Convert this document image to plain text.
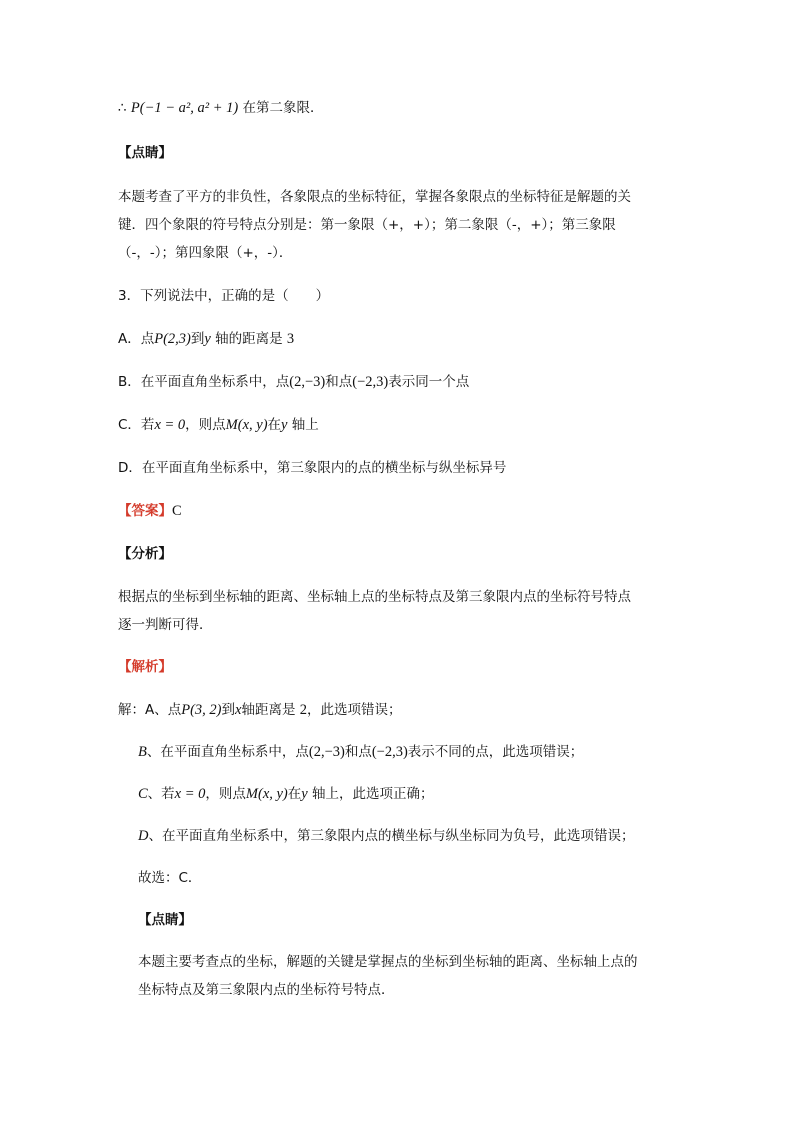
∴ P(−1 − a², a² + 1) 在第二象限．
【点睛】
本题考查了平方的非负性，各象限点的坐标特征，掌握各象限点的坐标特征是解题的关
键．四个象限的符号特点分别是：第一象限（+，+）；第二象限（-，+）；第三象限
（-，-）；第四象限（+，-）．
3．下列说法中，正确的是（　　）
A．点P(2,3)到y 轴的距离是 3
B．在平面直角坐标系中，点(2,−3)和点(−2,3)表示同一个点
C．若x = 0，则点M(x, y)在y 轴上
D．在平面直角坐标系中，第三象限内的点的横坐标与纵坐标异号
【答案】C
【分析】
根据点的坐标到坐标轴的距离、坐标轴上点的坐标特点及第三象限内点的坐标符号特点
逐一判断可得．
【解析】
解：A、点P(3, 2)到x轴距离是 2，此选项错误；
B、在平面直角坐标系中，点(2,−3)和点(−2,3)表示不同的点，此选项错误；
C、若x = 0，则点M(x, y)在y 轴上，此选项正确；
D、在平面直角坐标系中，第三象限内点的横坐标与纵坐标同为负号，此选项错误；
故选：C．
【点睛】
本题主要考查点的坐标，解题的关键是掌握点的坐标到坐标轴的距离、坐标轴上点的
坐标特点及第三象限内点的坐标符号特点．
